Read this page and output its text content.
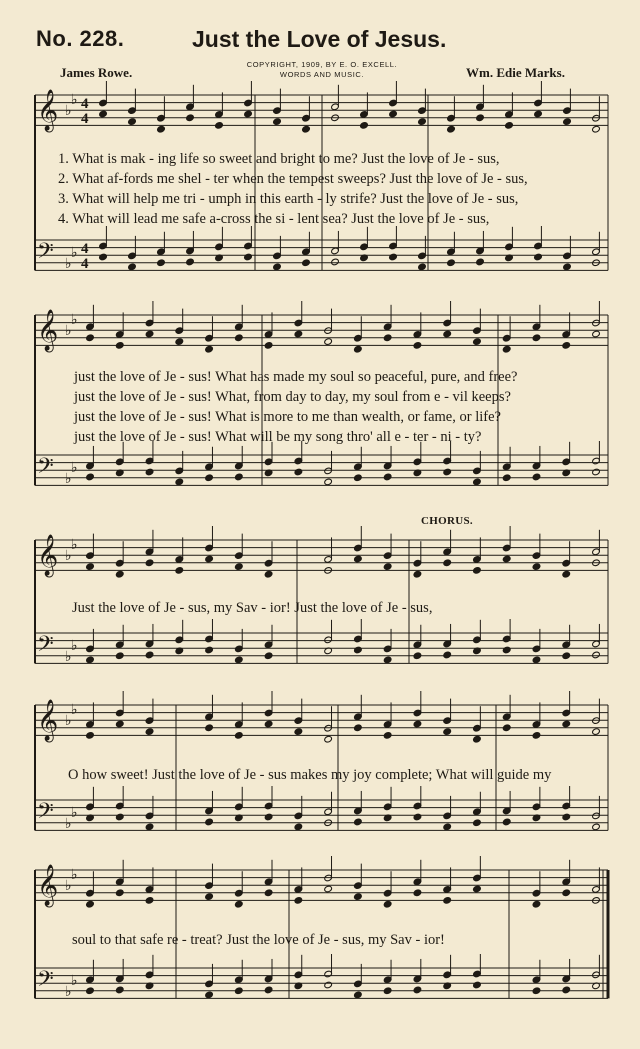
No. 228.	Just the Love of Jesus.
James Rowe.
COPYRIGHT, 1909, BY E. O. EXCELL.
WORDS AND MUSIC.	Wm. Edie Marks.
CHORUS.
𝄞
𝄢
♭
♭
♭
♭
4
4
4
4
𝄞
𝄢
♭
♭
♭
♭
𝄞
𝄢
♭
♭
♭
♭
𝄞
𝄢
♭
♭
♭
♭
𝄞
𝄢
♭
♭
♭
♭
1. What is mak - ing life so sweet and bright to me? Just the love of Je - sus,
2. What af-fords me shel - ter when the tempest sweeps? Just the love of Je - sus,
3. What will help me tri - umph in this earth - ly strife? Just the love of Je - sus,
4. What will lead me safe a-cross the si - lent sea? Just the love of Je - sus,
just the love of Je - sus! What has made my soul so peaceful, pure, and free?
just the love of Je - sus! What, from day to day, my soul from e - vil keeps?
just the love of Je - sus! What is more to me than wealth, or fame, or life?
just the love of Je - sus! What will be my song thro' all e - ter - ni - ty?
Just the love of Je - sus, my Sav - ior! Just the love of Je - sus,
O how sweet! Just the love of Je - sus makes my joy complete; What will guide my
soul to that safe re - treat? Just the love of Je - sus, my Sav - ior!
